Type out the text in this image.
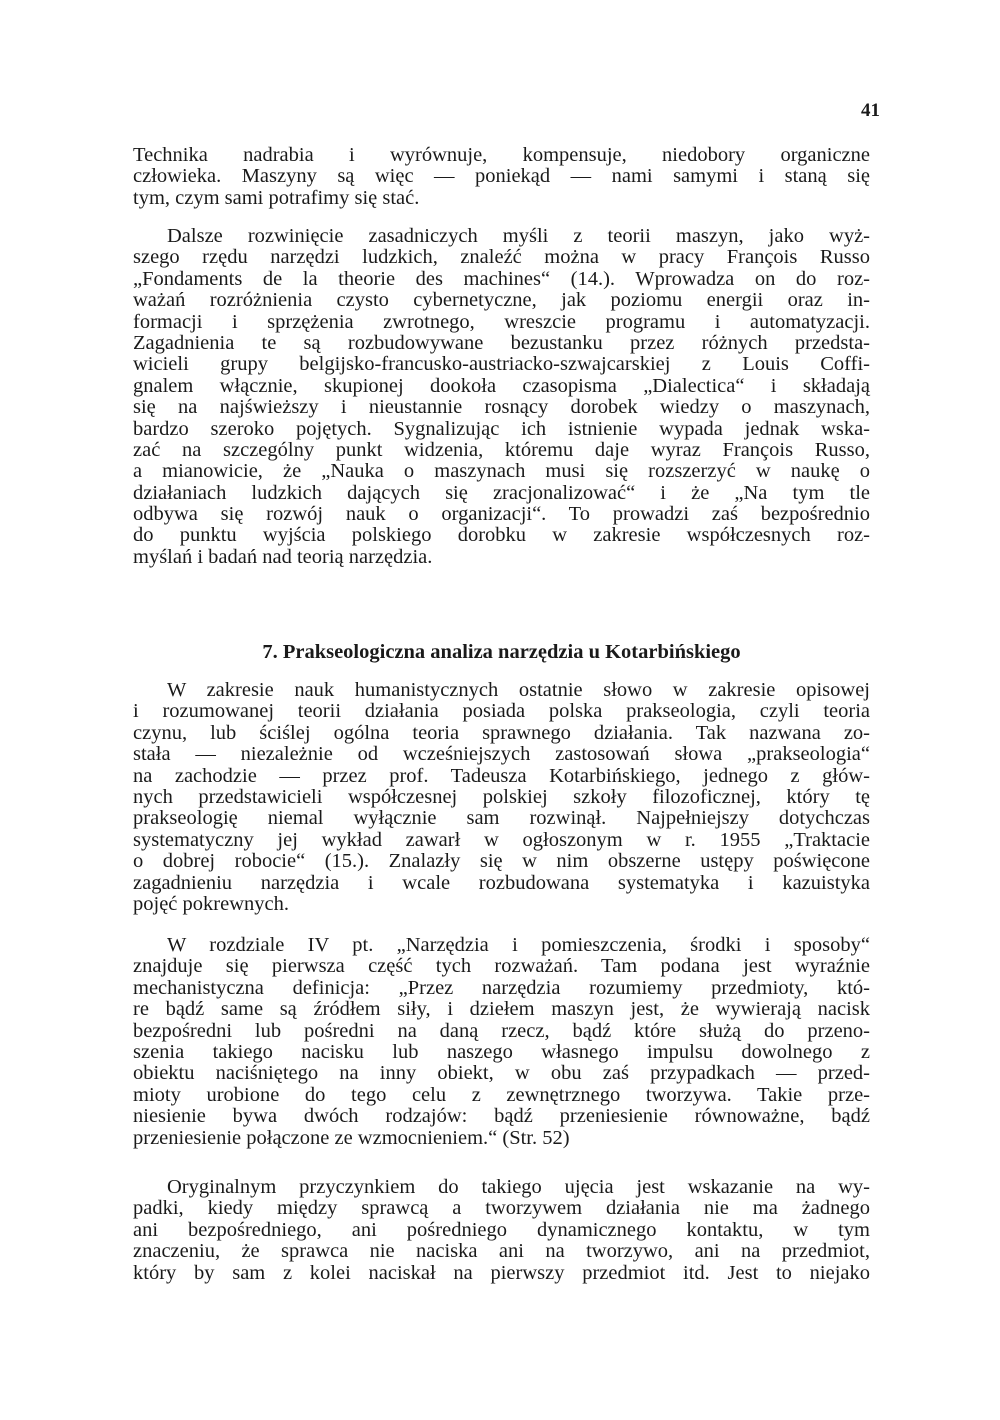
41
Technika nadrabia i wyrównuje, kompensuje, niedobory organiczne
człowieka. Maszyny są więc — poniekąd — nami samymi i staną się
tym, czym sami potrafimy się stać.
Dalsze rozwinięcie zasadniczych myśli z teorii maszyn, jako wyż-
szego rzędu narzędzi ludzkich, znaleźć można w pracy François Russo
„Fondaments de la theorie des machines“ (14.). Wprowadza on do roz-
ważań rozróżnienia czysto cybernetyczne, jak poziomu energii oraz in-
formacji i sprzężenia zwrotnego, wreszcie programu i automatyzacji.
Zagadnienia te są rozbudowywane bezustanku przez różnych przedsta-
wicieli grupy belgijsko-francusko-austriacko-szwajcarskiej z Louis Coffi-
gnalem włącznie, skupionej dookoła czasopisma „Dialectica“ i składają
się na najświeższy i nieustannie rosnący dorobek wiedzy o maszynach,
bardzo szeroko pojętych. Sygnalizując ich istnienie wypada jednak wska-
zać na szczególny punkt widzenia, któremu daje wyraz François Russo,
a mianowicie, że „Nauka o maszynach musi się rozszerzyć w naukę o
działaniach ludzkich dających się zracjonalizować“ i że „Na tym tle
odbywa się rozwój nauk o organizacji“. To prowadzi zaś bezpośrednio
do punktu wyjścia polskiego dorobku w zakresie współczesnych roz-
myślań i badań nad teorią narzędzia.
7. Prakseologiczna analiza narzędzia u Kotarbińskiego
W zakresie nauk humanistycznych ostatnie słowo w zakresie opisowej
i rozumowanej teorii działania posiada polska prakseologia, czyli teoria
czynu, lub ściślej ogólna teoria sprawnego działania. Tak nazwana zo-
stała — niezależnie od wcześniejszych zastosowań słowa „prakseologia“
na zachodzie — przez prof. Tadeusza Kotarbińskiego, jednego z głów-
nych przedstawicieli współczesnej polskiej szkoły filozoficznej, który tę
prakseologię niemal wyłącznie sam rozwinął. Najpełniejszy dotychczas
systematyczny jej wykład zawarł w ogłoszonym w r. 1955 „Traktacie
o dobrej robocie“ (15.). Znalazły się w nim obszerne ustępy poświęcone
zagadnieniu narzędzia i wcale rozbudowana systematyka i kazuistyka
pojęć pokrewnych.
W rozdziale IV pt. „Narzędzia i pomieszczenia, środki i sposoby“
znajduje się pierwsza część tych rozważań. Tam podana jest wyraźnie
mechanistyczna definicja: „Przez narzędzia rozumiemy przedmioty, któ-
re bądź same są źródłem siły, i dziełem maszyn jest, że wywierają nacisk
bezpośredni lub pośredni na daną rzecz, bądź które służą do przeno-
szenia takiego nacisku lub naszego własnego impulsu dowolnego z
obiektu naciśniętego na inny obiekt, w obu zaś przypadkach — przed-
mioty urobione do tego celu z zewnętrznego tworzywa. Takie prze-
niesienie bywa dwóch rodzajów: bądź przeniesienie równoważne, bądź
przeniesienie połączone ze wzmocnieniem.“ (Str. 52)
Oryginalnym przyczynkiem do takiego ujęcia jest wskazanie na wy-
padki, kiedy między sprawcą a tworzywem działania nie ma żadnego
ani bezpośredniego, ani pośredniego dynamicznego kontaktu, w tym
znaczeniu, że sprawca nie naciska ani na tworzywo, ani na przedmiot,
który by sam z kolei naciskał na pierwszy przedmiot itd. Jest to niejako
